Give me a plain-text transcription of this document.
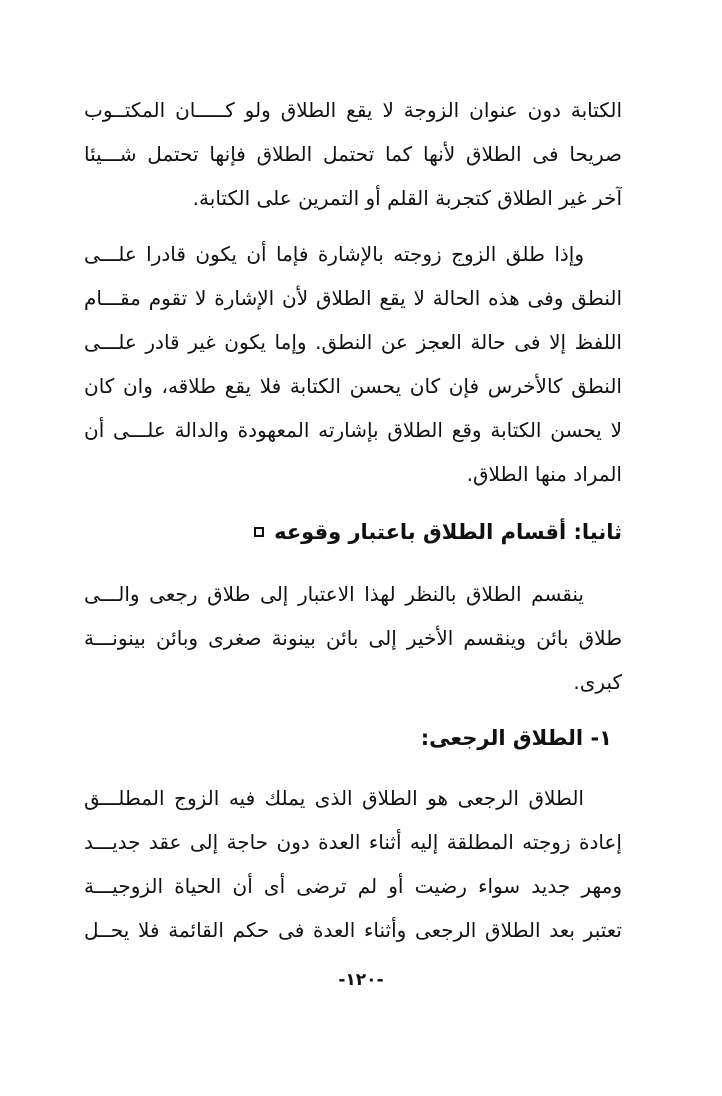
الكتابة دون عنوان الزوجة لا يقع الطلاق ولو كـــــان المكتــوب
صريحا فى الطلاق لأنها كما تحتمل الطلاق فإنها تحتمل شـــيئا
آخر غير الطلاق كتجربة القلم أو التمرين على الكتابة.
وإذا طلق الزوج زوجته بالإشارة فإما أن يكون قادرا علـــى
النطق وفى هذه الحالة لا يقع الطلاق لأن الإشارة لا تقوم مقـــام
اللفظ إلا فى حالة العجز عن النطق. وإما يكون غير قادر علـــى
النطق كالأخرس فإن كان يحسن الكتابة فلا يقع طلاقه، وان كان
لا يحسن الكتابة وقع الطلاق بإشارته المعهودة والدالة علـــى أن
المراد منها الطلاق.
ثانيا: أقسام الطلاق باعتبار وقوعه
ينقسم الطلاق بالنظر لهذا الاعتبار إلى طلاق رجعى والـــى
طلاق بائن وينقسم الأخير إلى بائن بينونة صغرى وبائن بينونـــة
كبرى.
١- الطلاق الرجعى:
الطلاق الرجعى هو الطلاق الذى يملك فيه الزوج المطلـــق
إعادة زوجته المطلقة إليه أثناء العدة دون حاجة إلى عقد جديـــد
ومهر جديد سواء رضيت أو لم ترضى أى أن الحياة الزوجيـــة
تعتبر بعد الطلاق الرجعى وأثناء العدة فى حكم القائمة فلا يحــل
-١٢٠-
